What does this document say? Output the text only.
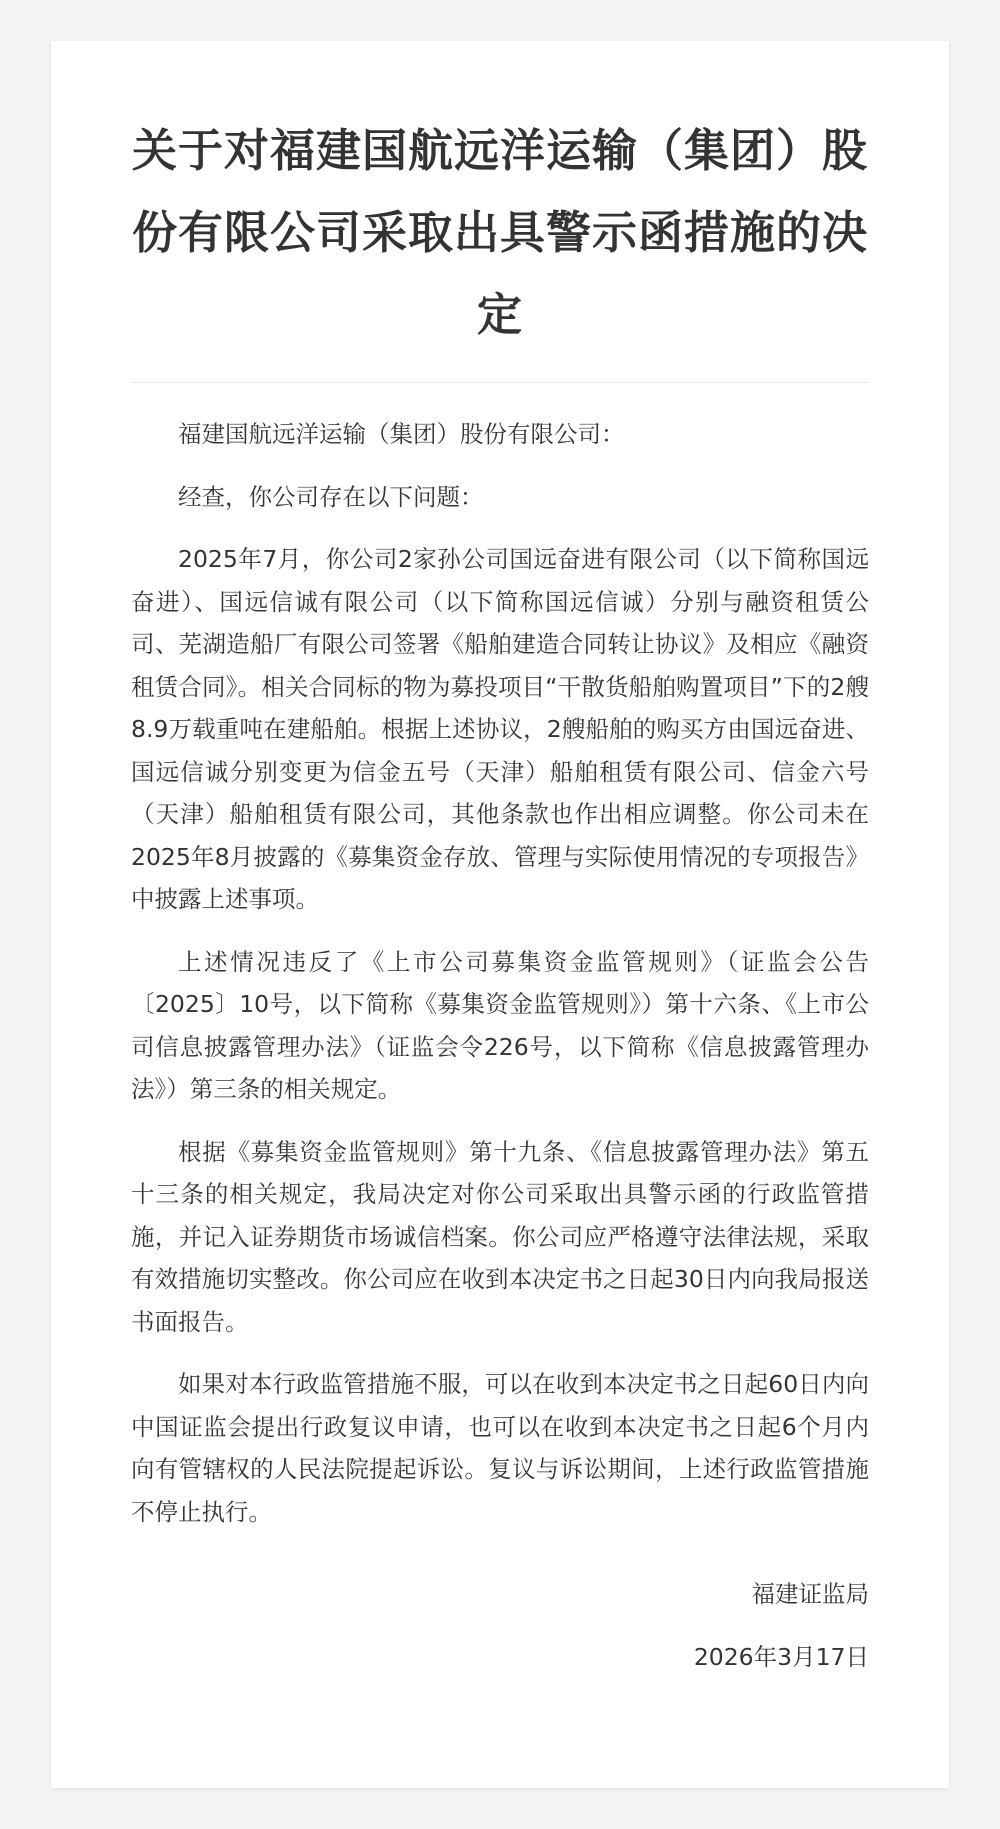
关于对福建国航远洋运输（集团）股份有限公司采取出具警示函措施的决定

福建国航远洋运输（集团）股份有限公司：

经查，你公司存在以下问题：

2025年7月，你公司2家孙公司国远奋进有限公司（以下简称国远奋进）、国远信诚有限公司（以下简称国远信诚）分别与融资租赁公司、芜湖造船厂有限公司签署《船舶建造合同转让协议》及相应《融资租赁合同》。相关合同标的物为募投项目“干散货船舶购置项目”下的2艘8.9万载重吨在建船舶。根据上述协议，2艘船舶的购买方由国远奋进、国远信诚分别变更为信金五号（天津）船舶租赁有限公司、信金六号（天津）船舶租赁有限公司，其他条款也作出相应调整。你公司未在2025年8月披露的《募集资金存放、管理与实际使用情况的专项报告》中披露上述事项。

上述情况违反了《上市公司募集资金监管规则》（证监会公告〔2025〕10号，以下简称《募集资金监管规则》）第十六条、《上市公司信息披露管理办法》（证监会令226号，以下简称《信息披露管理办法》）第三条的相关规定。

根据《募集资金监管规则》第十九条、《信息披露管理办法》第五十三条的相关规定，我局决定对你公司采取出具警示函的行政监管措施，并记入证券期货市场诚信档案。你公司应严格遵守法律法规，采取有效措施切实整改。你公司应在收到本决定书之日起30日内向我局报送书面报告。

如果对本行政监管措施不服，可以在收到本决定书之日起60日内向中国证监会提出行政复议申请，也可以在收到本决定书之日起6个月内向有管辖权的人民法院提起诉讼。复议与诉讼期间，上述行政监管措施不停止执行。

福建证监局

2026年3月17日
